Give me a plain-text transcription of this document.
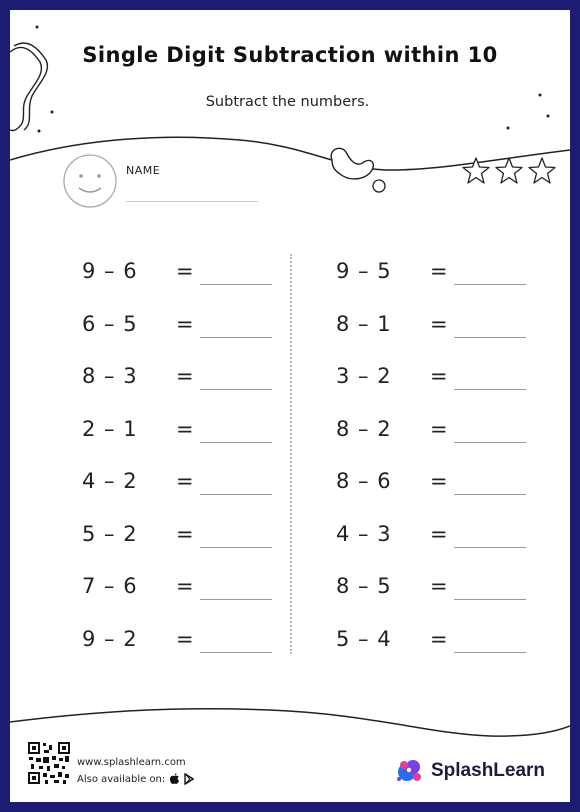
Single Digit Subtraction within 10
Subtract the numbers.
NAME
9 – 6 =
6 – 5 =
8 – 3 =
2 – 1 =
4 – 2 =
5 – 2 =
7 – 6 =
9 – 2 =
9 – 5 =
8 – 1 =
3 – 2 =
8 – 2 =
8 – 6 =
4 – 3 =
8 – 5 =
5 – 4 =
www.splashlearn.com
Also available on:	SplashLearn
